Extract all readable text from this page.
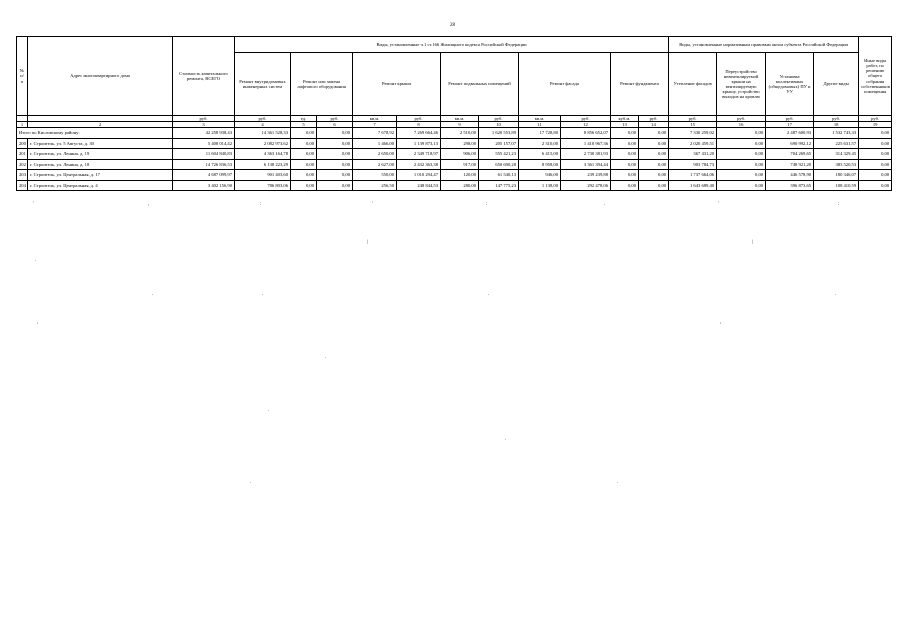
28
№ п/п	Адрес многоквартирного дома	Стоимость капитального ремонта, ВСЕГО	Виды, установленные ч.1 ст.166 Жилищного кодекса Российской Федерации											Виды, установленные нормативным правовым актом субъекта Российской Федерации				Иные виды работ, по решению общего собрания собственников помещения
			Ремонт внутридомовых инженерных систем	Ремонт или замена лифтового оборудования		Ремонт крыши		Ремонт подвальных помещений		Ремонт фасада		Ремонт фундамента		Утепление фасадов	Переустройство невентилируемой крыши на вентилируемую крышу, устройство выходов на кровлю	Установка коллективных (общедомовых) ПУ и УУ	Другие виды	
		руб.	руб.	ед.	руб.	кв.м.	руб.	кв.м.	руб.	кв.м.	руб.	куб.м.	руб.	руб.	руб.	руб.	руб.	руб.
1	2	3	4	5	6	7	8	9	10	11	12	13	14	15	16	17	18	19
Итого по Кисловскому району:		42 258 938,43	14 361 528,33	0,00	0,00	7 678,92	7 269 664,46	2 510,00	1 620 553,89	17 728,80	8 856 652,07	0,00	0,00	7 330 259,02	0,00	2 487 600,93	1 532 743,33	0,00
200	г. Строитель, ул. 5 Августа, д. 30	5 408 014,42	2 082 973,62	0,00	0,00	1 466,00	1 139 873,13	298,00	205 157,07	2 310,00	1 410 967,36	0,00	0,00	2 020 459,51	0,00	690 992,12	225 631,57	0,00
201	г. Строитель, ул. Ленина, д. 19	11 604 840,83	4 363 164,78	0,00	0,00	2 650,00	2 349 718,97	906,00	555 421,23	6 415,00	2 730 381,93	0,00	0,00	367 431,20	0,00	704 269,65	314 329,45	0,00
202	г. Строитель, ул. Ленина, д. 18	14 726 836,53	6 138 223,29	0,00	0,00	2 627,00	2 432 363,38	917,00	650 690,28	8 958,00	3 361 394,44	0,00	0,00	903 784,73	0,00	748 921,20	383 520,53	0,00
203	г. Строитель, ул. Центральная, д. 17	4 687 099,97	901 403,60	0,00	0,00	550,00	1 010 294,47	120,00	61 540,13	946,00	239 239,88	0,00	0,00	1 737 664,06	0,00	446 578,90	180 346,07	0,00
204	г. Строитель, ул. Центральная, д. 4	3 402 156,90	786 803,06	0,00	0,00	256,50	248 844,53	280,00	147 775,23	1 138,00	292 478,06	0,00	0,00	1 643 689,40	0,00	396 873,65	108 410,59	0,00
'	,	:	'	:	.	'	:
|	|
.
.	.	.	.
,	,
.
.
.
.	.
